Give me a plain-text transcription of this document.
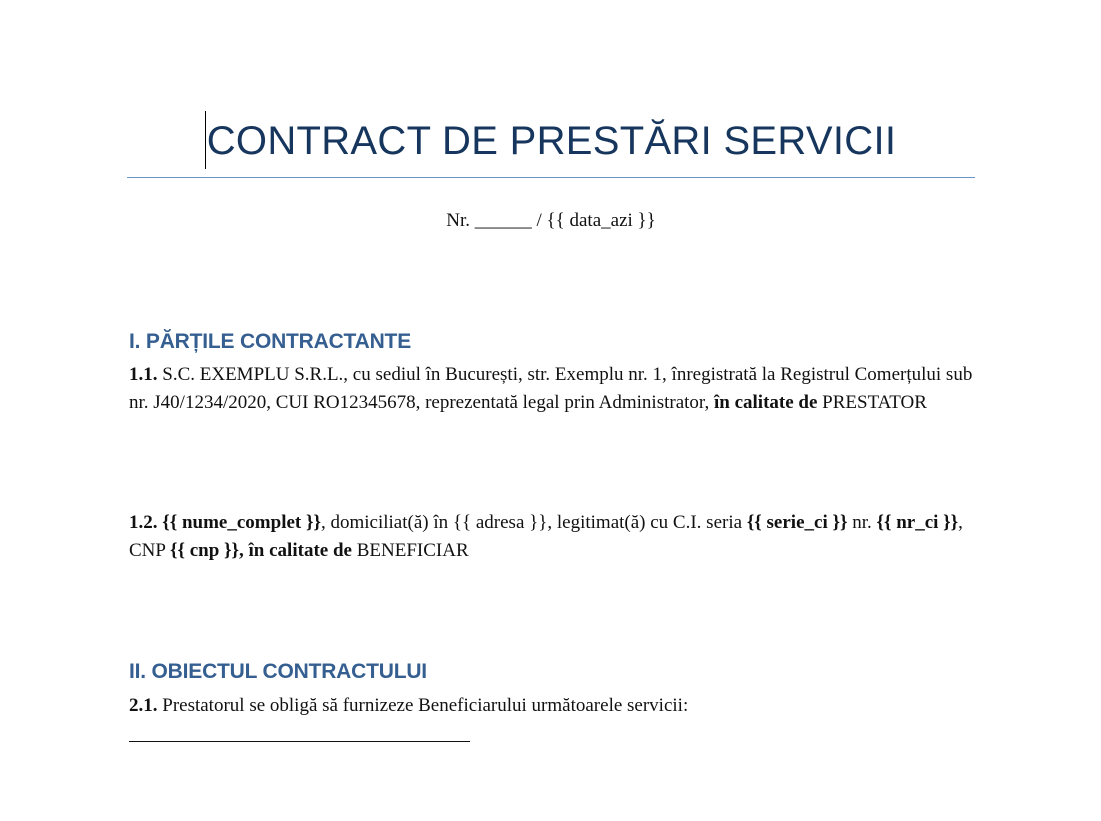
CONTRACT DE PRESTĂRI SERVICII
Nr. ______ / {{ data_azi }}
I. PĂRȚILE CONTRACTANTE
1.1. S.C. EXEMPLU S.R.L., cu sediul în București, str. Exemplu nr. 1, înregistrată la Registrul Comerțului sub nr. J40/1234/2020, CUI RO12345678, reprezentată legal prin Administrator, în calitate de PRESTATOR
1.2. {{ nume_complet }}, domiciliat(ă) în {{ adresa }}, legitimat(ă) cu C.I. seria {{ serie_ci }} nr. {{ nr_ci }}, CNP {{ cnp }}, în calitate de BENEFICIAR
II. OBIECTUL CONTRACTULUI
2.1. Prestatorul se obligă să furnizeze Beneficiarului următoarele servicii:
